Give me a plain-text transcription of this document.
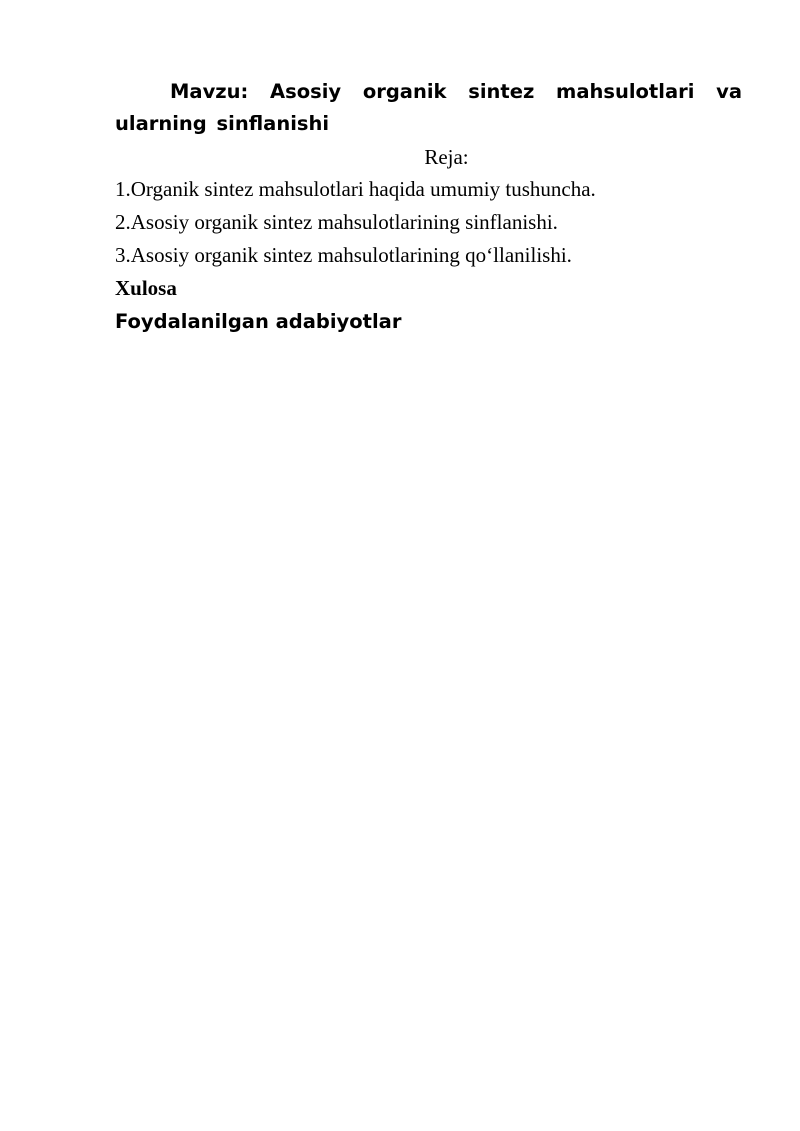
Mavzu: Asosiy organik sintez mahsulotlari va ularning sinflanishi

Reja:

1.Organik sintez mahsulotlari haqida umumiy tushuncha.

2.Asosiy organik sintez mahsulotlarining sinflanishi.

3.Asosiy organik sintez mahsulotlarining qo‘llanilishi.

Xulosa

Foydalanilgan adabiyotlar
